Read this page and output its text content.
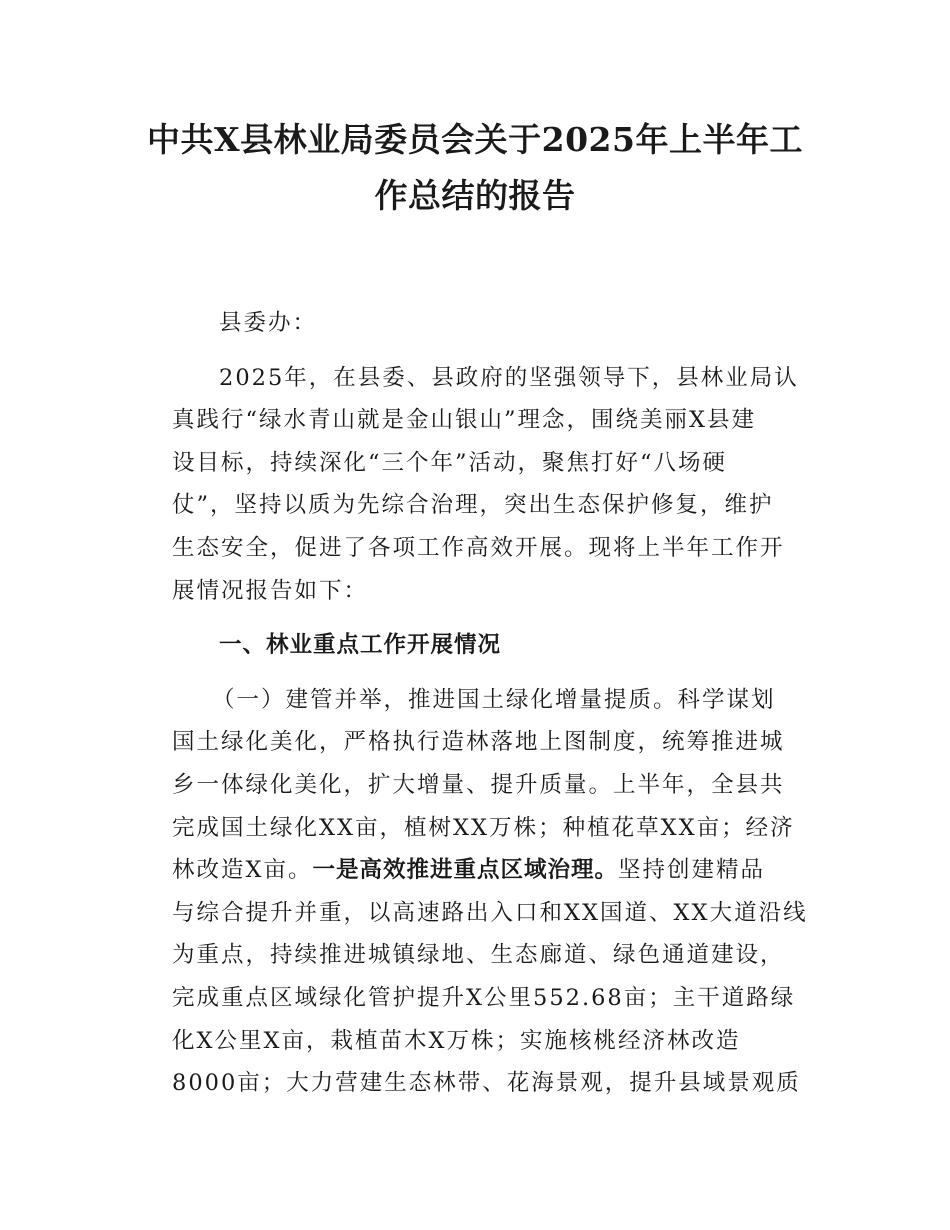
中共X县林业局委员会关于2025年上半年工
作总结的报告
县委办：
2025年，在县委、县政府的坚强领导下，县林业局认
真践行“绿水青山就是金山银山”理念，围绕美丽X县建
设目标，持续深化“三个年”活动，聚焦打好“八场硬
仗”，坚持以质为先综合治理，突出生态保护修复，维护
生态安全，促进了各项工作高效开展。现将上半年工作开
展情况报告如下：
一、林业重点工作开展情况
（一）建管并举，推进国土绿化增量提质。科学谋划
国土绿化美化，严格执行造林落地上图制度，统筹推进城
乡一体绿化美化，扩大增量、提升质量。上半年，全县共
完成国土绿化XX亩，植树XX万株；种植花草XX亩；经济
林改造X亩。一是高效推进重点区域治理。坚持创建精品
与综合提升并重，以高速路出入口和XX国道、XX大道沿线
为重点，持续推进城镇绿地、生态廊道、绿色通道建设，
完成重点区域绿化管护提升X公里552.68亩；主干道路绿
化X公里X亩，栽植苗木X万株；实施核桃经济林改造
8000亩；大力营建生态林带、花海景观，提升县域景观质
